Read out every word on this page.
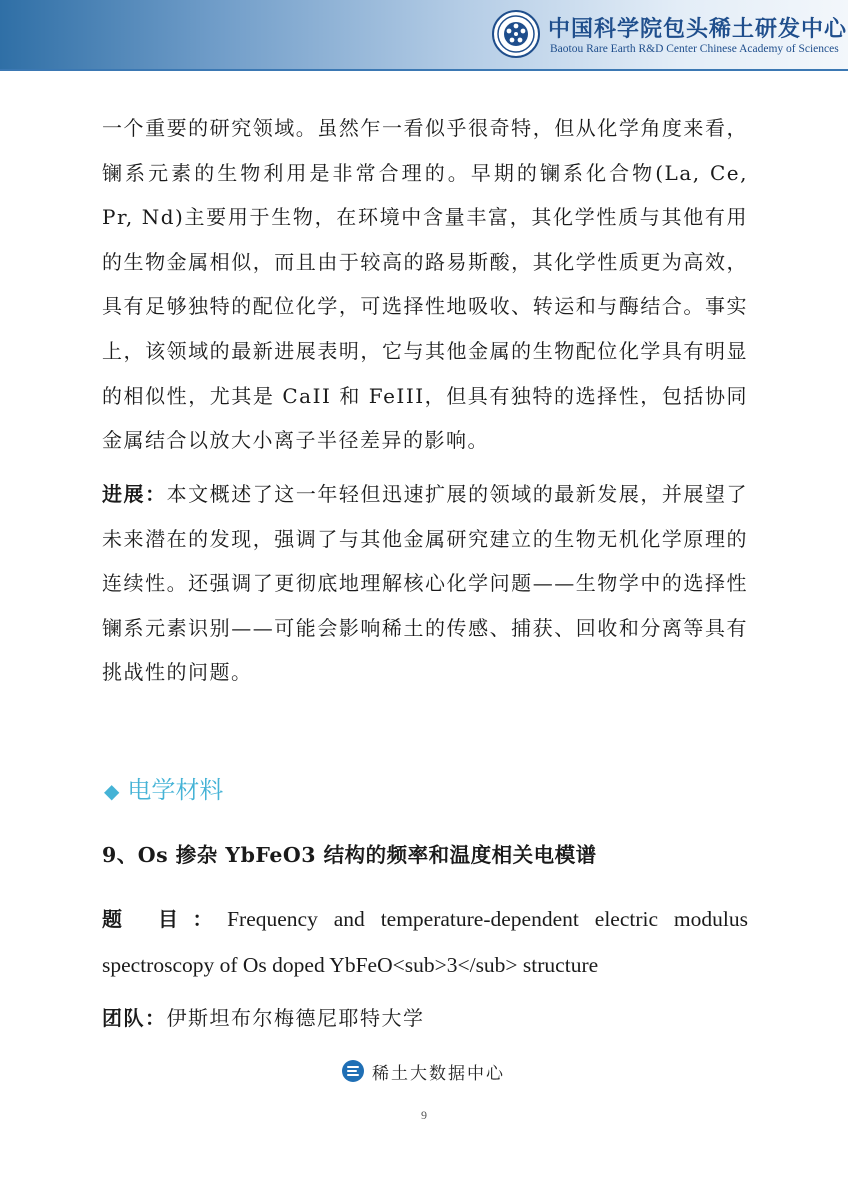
中国科学院包头稀土研发中心
Baotou Rare Earth R&D Center Chinese Academy of Sciences

一个重要的研究领域。虽然乍一看似乎很奇特，但从化学角度来看，镧系元素的生物利用是非常合理的。早期的镧系化合物(La, Ce, Pr, Nd)主要用于生物，在环境中含量丰富，其化学性质与其他有用的生物金属相似，而且由于较高的路易斯酸，其化学性质更为高效，具有足够独特的配位化学，可选择性地吸收、转运和与酶结合。事实上，该领域的最新进展表明，它与其他金属的生物配位化学具有明显的相似性，尤其是 CaII 和 FeIII，但具有独特的选择性，包括协同金属结合以放大小离子半径差异的影响。

进展：本文概述了这一年轻但迅速扩展的领域的最新发展，并展望了未来潜在的发现，强调了与其他金属研究建立的生物无机化学原理的连续性。还强调了更彻底地理解核心化学问题——生物学中的选择性镧系元素识别——可能会影响稀土的传感、捕获、回收和分离等具有挑战性的问题。

◆ 电学材料
9、Os 掺杂 YbFeO3 结构的频率和温度相关电模谱

题 目：Frequency and temperature-dependent electric modulus spectroscopy of Os doped YbFeO<sub>3</sub> structure

团队：伊斯坦布尔梅德尼耶特大学
稀土大数据中心
9
